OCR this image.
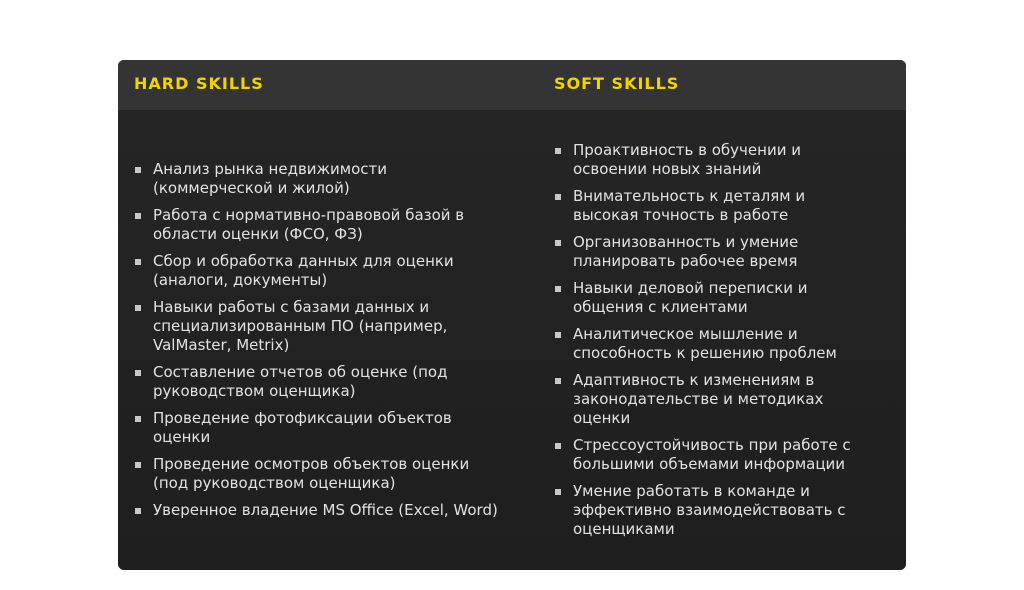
HARD SKILLS	SOFT SKILLS
Анализ рынка недвижимости (коммерческой и жилой)
Работа с нормативно-правовой базой в области оценки (ФСО, ФЗ)
Сбор и обработка данных для оценки (аналоги, документы)
Навыки работы с базами данных и специализированным ПО (например, ValMaster, Metrix)
Составление отчетов об оценке (под руководством оценщика)
Проведение фотофиксации объектов оценки
Проведение осмотров объектов оценки (под руководством оценщика)
Уверенное владение MS Office (Excel, Word)
Проактивность в обучении и освоении новых знаний
Внимательность к деталям и высокая точность в работе
Организованность и умение планировать рабочее время
Навыки деловой переписки и общения с клиентами
Аналитическое мышление и способность к решению проблем
Адаптивность к изменениям в законодательстве и методиках оценки
Стрессоустойчивость при работе с большими объемами информации
Умение работать в команде и эффективно взаимодействовать с оценщиками
